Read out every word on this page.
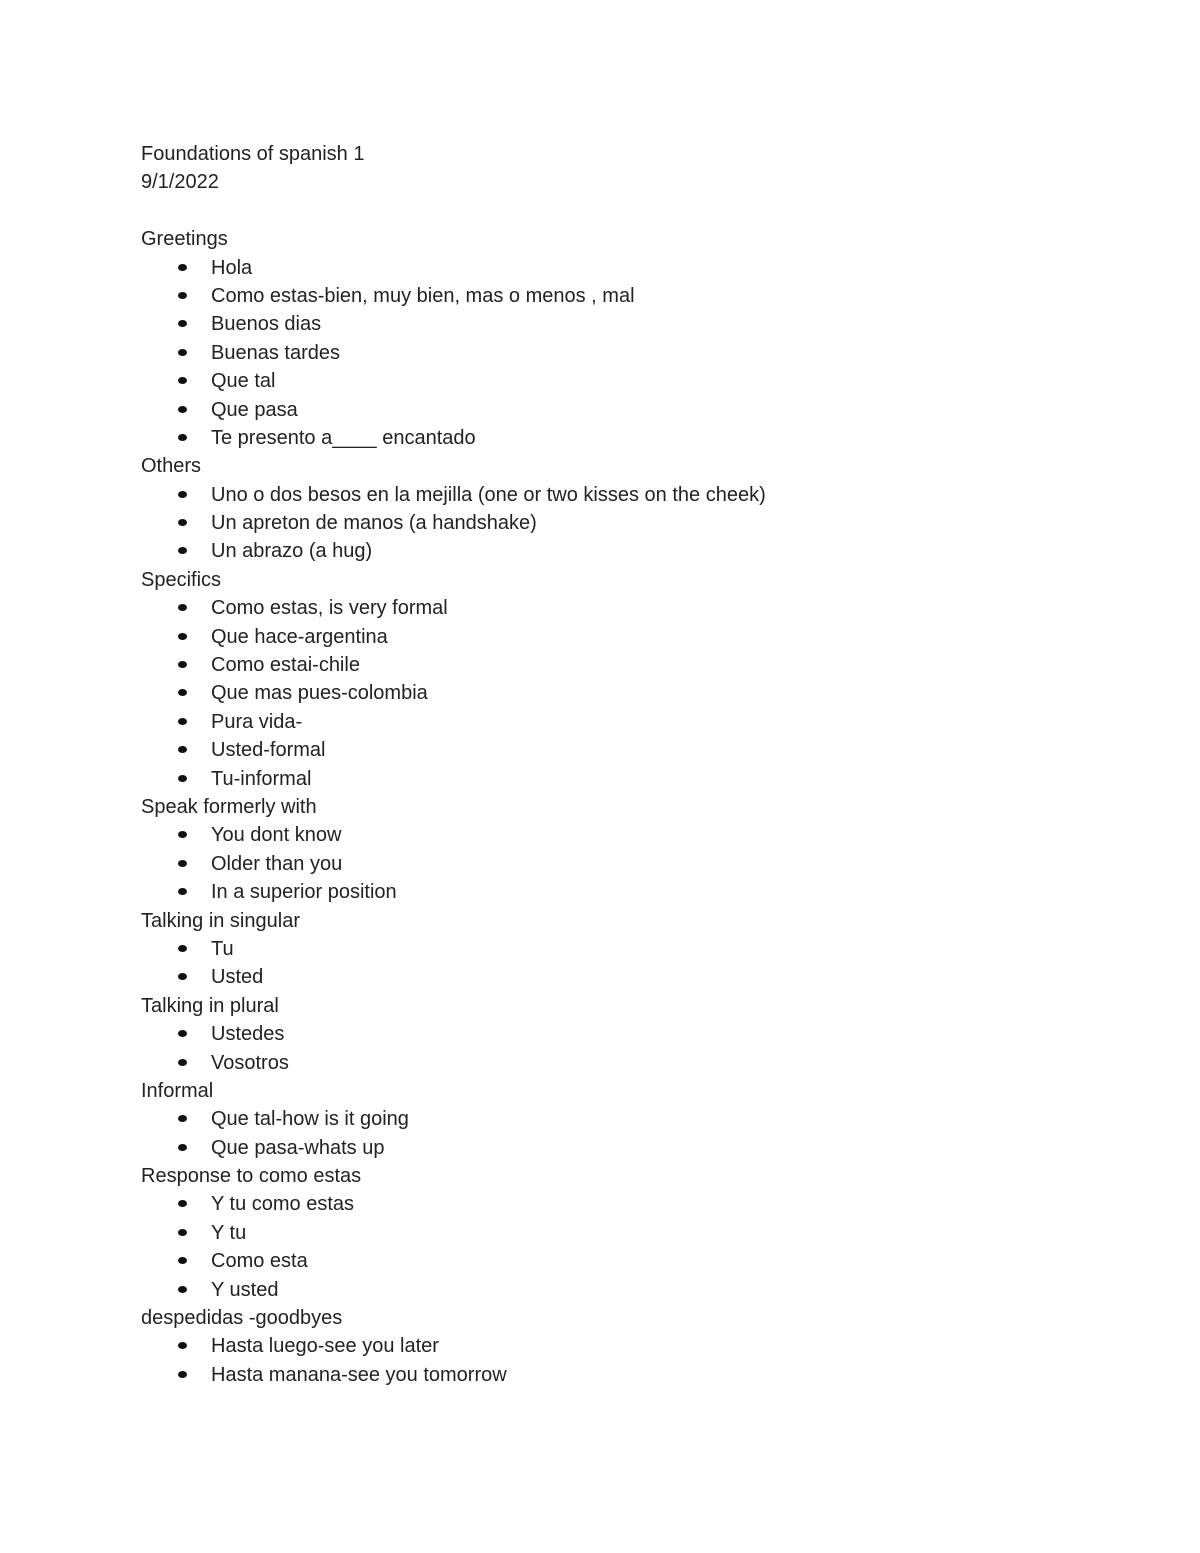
Foundations of spanish 1

9/1/2022

Greetings

Hola
Como estas-bien, muy bien, mas o menos , mal
Buenos dias
Buenas tardes
Que tal
Que pasa
Te presento a____ encantado

Others

Uno o dos besos en la mejilla (one or two kisses on the cheek)
Un apreton de manos (a handshake)
Un abrazo (a hug)

Specifics

Como estas, is very formal
Que hace-argentina
Como estai-chile
Que mas pues-colombia
Pura vida-
Usted-formal
Tu-informal

Speak formerly with

You dont know
Older than you
In a superior position

Talking in singular

Tu
Usted

Talking in plural

Ustedes
Vosotros

Informal

Que tal-how is it going
Que pasa-whats up

Response to como estas

Y tu como estas
Y tu
Como esta
Y usted

despedidas -goodbyes

Hasta luego-see you later
Hasta manana-see you tomorrow
